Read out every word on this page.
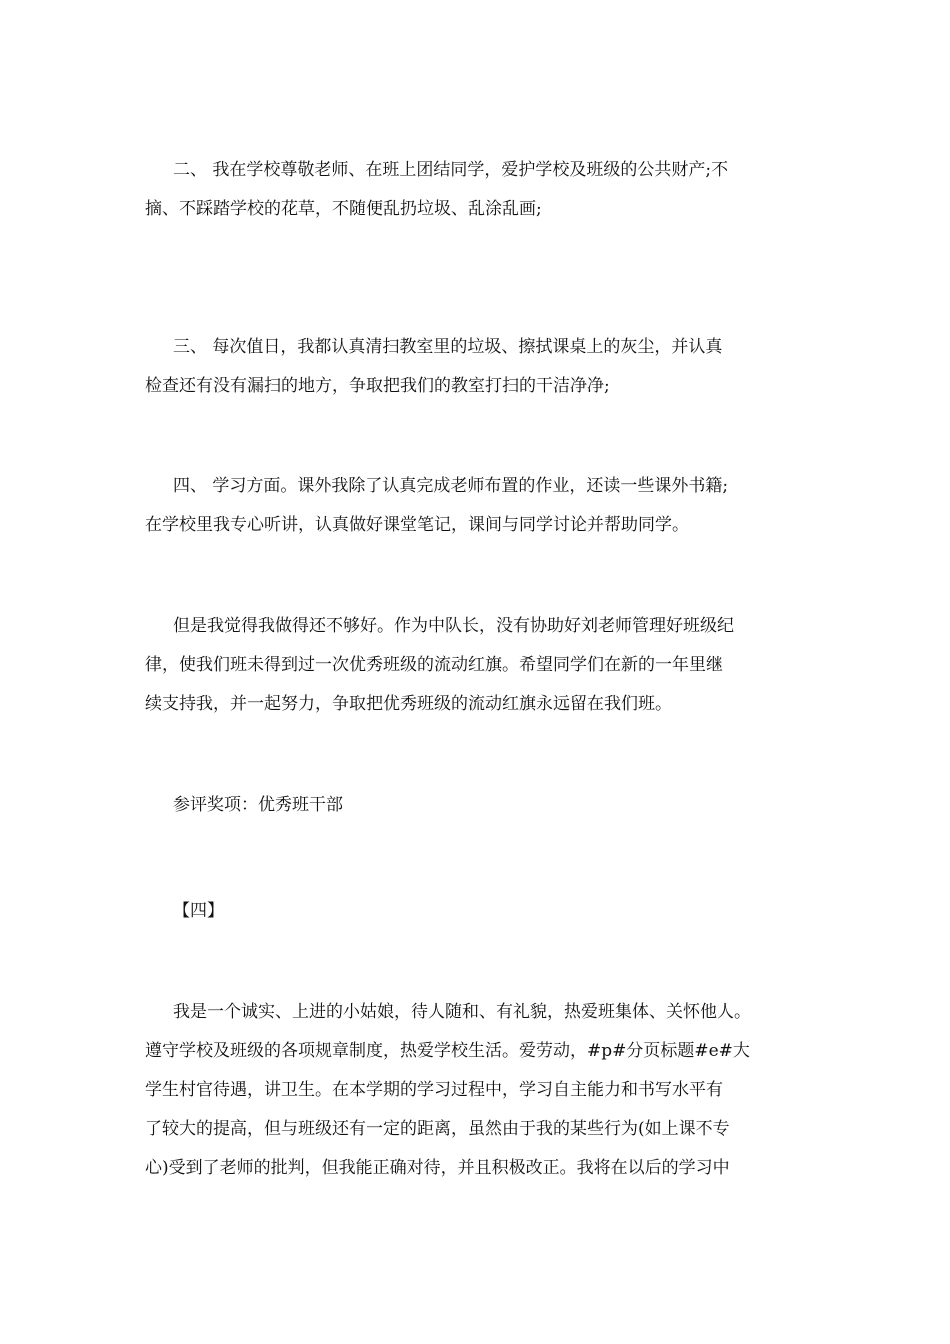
二、 我在学校尊敬老师、在班上团结同学，爱护学校及班级的公共财产;不

摘、不踩踏学校的花草，不随便乱扔垃圾、乱涂乱画;

三、 每次值日，我都认真清扫教室里的垃圾、擦拭课桌上的灰尘，并认真

检查还有没有漏扫的地方，争取把我们的教室打扫的干洁净净;

四、 学习方面。课外我除了认真完成老师布置的作业，还读一些课外书籍;

在学校里我专心听讲，认真做好课堂笔记，课间与同学讨论并帮助同学。

但是我觉得我做得还不够好。作为中队长，没有协助好刘老师管理好班级纪

律，使我们班未得到过一次优秀班级的流动红旗。希望同学们在新的一年里继

续支持我，并一起努力，争取把优秀班级的流动红旗永远留在我们班。

参评奖项：优秀班干部

【四】

我是一个诚实、上进的小姑娘，待人随和、有礼貌，热爱班集体、关怀他人。

遵守学校及班级的各项规章制度，热爱学校生活。爱劳动，#p#分页标题#e#大

学生村官待遇，讲卫生。在本学期的学习过程中，学习自主能力和书写水平有

了较大的提高，但与班级还有一定的距离，虽然由于我的某些行为(如上课不专

心)受到了老师的批判，但我能正确对待，并且积极改正。我将在以后的学习中
